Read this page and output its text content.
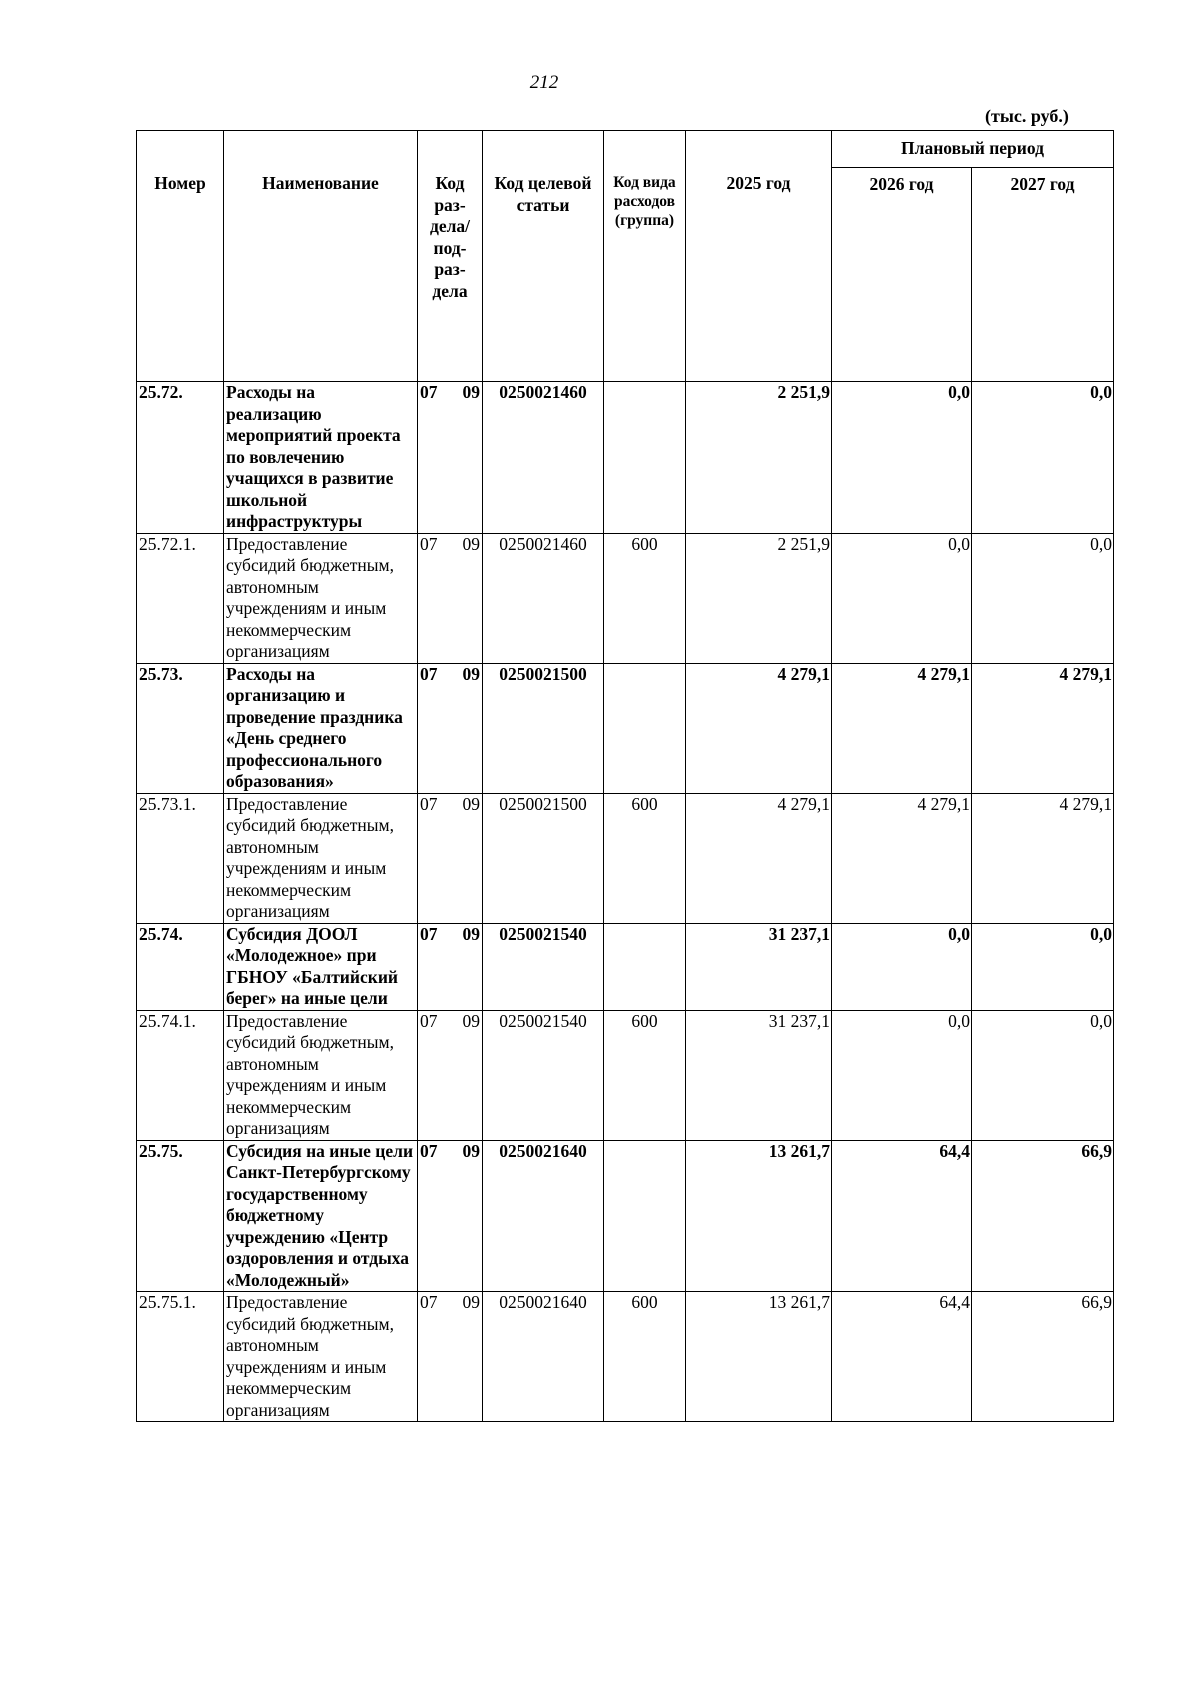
212
(тыс. руб.)
Номер	Наименование	Код раз-дела/ под-раз-дела	Код целевой статьи	Код вида расходов (группа)	2025 год	Плановый период	
						2026 год	2027 год
25.72.	Расходы на реализацию мероприятий проекта по вовлечению учащихся в развитие школьной инфраструктуры	07 09	0250021460		2 251,9	0,0	0,0
25.72.1.	Предоставление субсидий бюджетным, автономным учреждениям и иным некоммерческим организациям	07 09	0250021460	600	2 251,9	0,0	0,0
25.73.	Расходы на организацию и проведение праздника «День среднего профессионального образования»	07 09	0250021500		4 279,1	4 279,1	4 279,1
25.73.1.	Предоставление субсидий бюджетным, автономным учреждениям и иным некоммерческим организациям	07 09	0250021500	600	4 279,1	4 279,1	4 279,1
25.74.	Субсидия ДООЛ «Молодежное» при ГБНОУ «Балтийский берег» на иные цели	07 09	0250021540		31 237,1	0,0	0,0
25.74.1.	Предоставление субсидий бюджетным, автономным учреждениям и иным некоммерческим организациям	07 09	0250021540	600	31 237,1	0,0	0,0
25.75.	Субсидия на иные цели Санкт-Петербургскому государственному бюджетному учреждению «Центр оздоровления и отдыха «Молодежный»	07 09	0250021640		13 261,7	64,4	66,9
25.75.1.	Предоставление субсидий бюджетным, автономным учреждениям и иным некоммерческим организациям	07 09	0250021640	600	13 261,7	64,4	66,9
